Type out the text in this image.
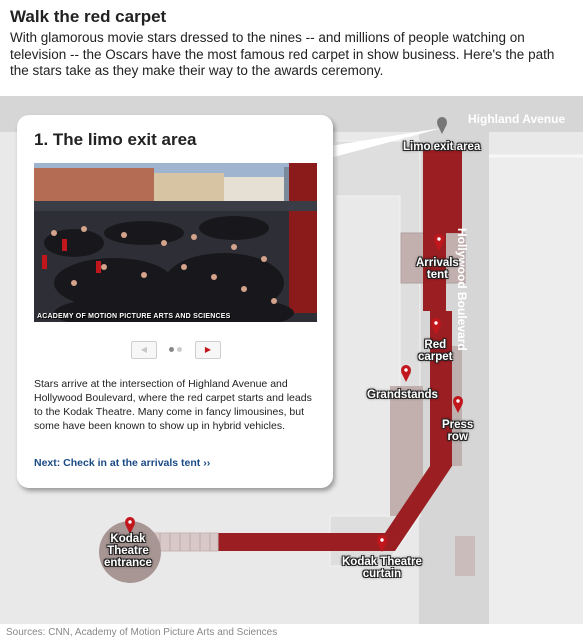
Walk the red carpet
With glamorous movie stars dressed to the nines -- and millions of people watching on television -- the Oscars have the most famous red carpet in show business. Here's the path the stars take as they make their way to the awards ceremony.
Highland Avenue
Hollywood Boulevard
Limo exit area
Arrivals
tent
Red
carpet
Grandstands
Press
row
Kodak
Theatre
entrance	Kodak Theatre
curtain
1. The limo exit area
ACADEMY OF MOTION PICTURE ARTS AND SCIENCES
◀	▶
Stars arrive at the intersection of Highland Avenue and Hollywood Boulevard, where the red carpet starts and leads to the Kodak Theatre. Many come in fancy limousines, but some have been known to show up in hybrid vehicles.
Next: Check in at the arrivals tent ››
Sources: CNN, Academy of Motion Picture Arts and Sciences
